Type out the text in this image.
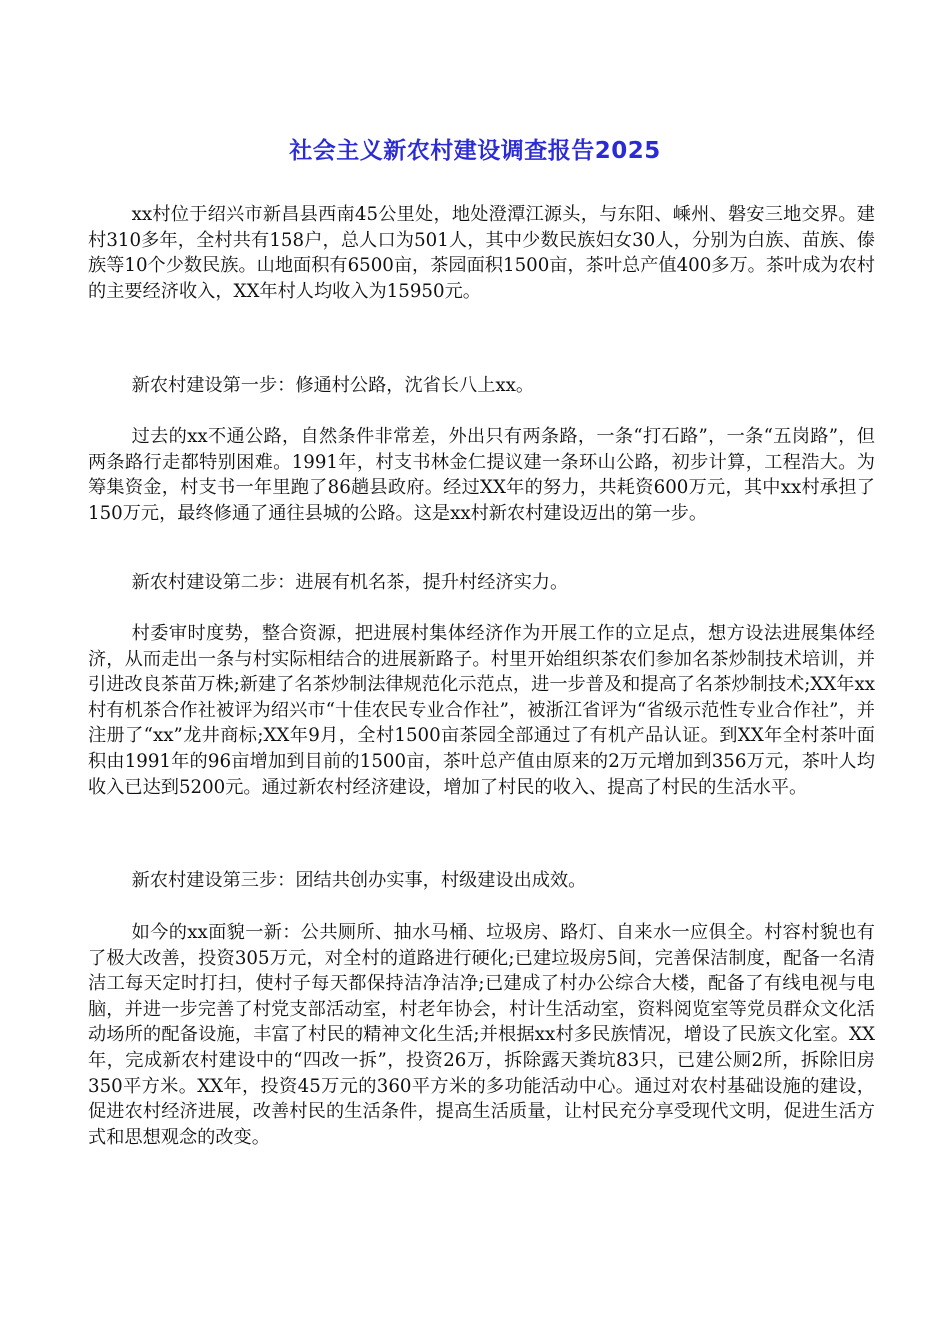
社会主义新农村建设调查报告2025

xx村位于绍兴市新昌县西南45公里处，地处澄潭江源头，与东阳、嵊州、磐安三地交界。建村310多年，全村共有158户，总人口为501人，其中少数民族妇女30人，分别为白族、苗族、傣族等10个少数民族。山地面积有6500亩，茶园面积1500亩，茶叶总产值400多万。茶叶成为农村的主要经济收入，XX年村人均收入为15950元。

新农村建设第一步：修通村公路，沈省长八上xx。

过去的xx不通公路，自然条件非常差，外出只有两条路，一条“打石路”，一条“五岗路”，但两条路行走都特别困难。1991年，村支书林金仁提议建一条环山公路，初步计算，工程浩大。为筹集资金，村支书一年里跑了86趟县政府。经过XX年的努力，共耗资600万元，其中xx村承担了150万元，最终修通了通往县城的公路。这是xx村新农村建设迈出的第一步。

新农村建设第二步：进展有机名茶，提升村经济实力。

村委审时度势，整合资源，把进展村集体经济作为开展工作的立足点，想方设法进展集体经济，从而走出一条与村实际相结合的进展新路子。村里开始组织茶农们参加名茶炒制技术培训，并引进改良茶苗万株;新建了名茶炒制法律规范化示范点，进一步普及和提高了名茶炒制技术;XX年xx村有机茶合作社被评为绍兴市“十佳农民专业合作社”，被浙江省评为“省级示范性专业合作社”，并注册了“xx”龙井商标;XX年9月，全村1500亩茶园全部通过了有机产品认证。到XX年全村茶叶面积由1991年的96亩增加到目前的1500亩，茶叶总产值由原来的2万元增加到356万元，茶叶人均收入已达到5200元。通过新农村经济建设，增加了村民的收入、提高了村民的生活水平。

新农村建设第三步：团结共创办实事，村级建设出成效。

如今的xx面貌一新：公共厕所、抽水马桶、垃圾房、路灯、自来水一应俱全。村容村貌也有了极大改善，投资305万元，对全村的道路进行硬化;已建垃圾房5间，完善保洁制度，配备一名清洁工每天定时打扫，使村子每天都保持洁净洁净;已建成了村办公综合大楼，配备了有线电视与电脑，并进一步完善了村党支部活动室，村老年协会，村计生活动室，资料阅览室等党员群众文化活动场所的配备设施，丰富了村民的精神文化生活;并根据xx村多民族情况，增设了民族文化室。XX年，完成新农村建设中的“四改一拆”，投资26万，拆除露天粪坑83只，已建公厕2所，拆除旧房350平方米。XX年，投资45万元的360平方米的多功能活动中心。通过对农村基础设施的建设，促进农村经济进展，改善村民的生活条件，提高生活质量，让村民充分享受现代文明，促进生活方式和思想观念的改变。
